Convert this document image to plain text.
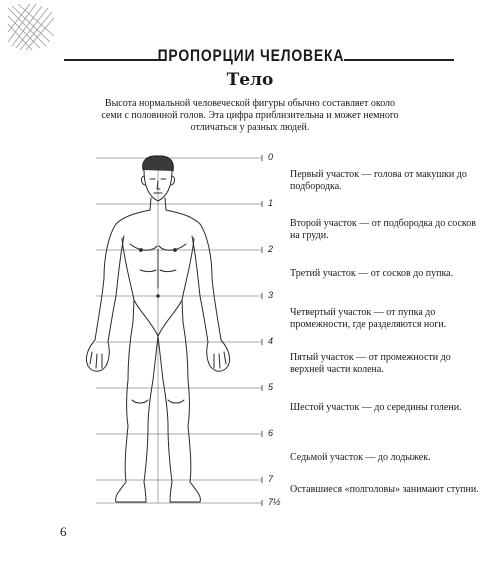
ПРОПОРЦИИ ЧЕЛОВЕКА
Тело
Высота нормальной человеческой фигуры обычно составляет около семи с половиной голов. Эта цифра приблизительна и может немного отличаться у разных людей.
0
1
2
3
4
5
6
7
7½
Первый участок — голова от макушки до подбородка.
Второй участок — от подбородка до сосков на груди.
Третий участок — от сосков до пупка.
Четвертый участок — от пупка до промежности, где разделяются ноги.
Пятый участок — от промежности до верхней части колена.
Шестой участок — до середины голени.
Седьмой участок — до лодыжек.
Оставшиеся «полголовы» занимают ступни.
6
